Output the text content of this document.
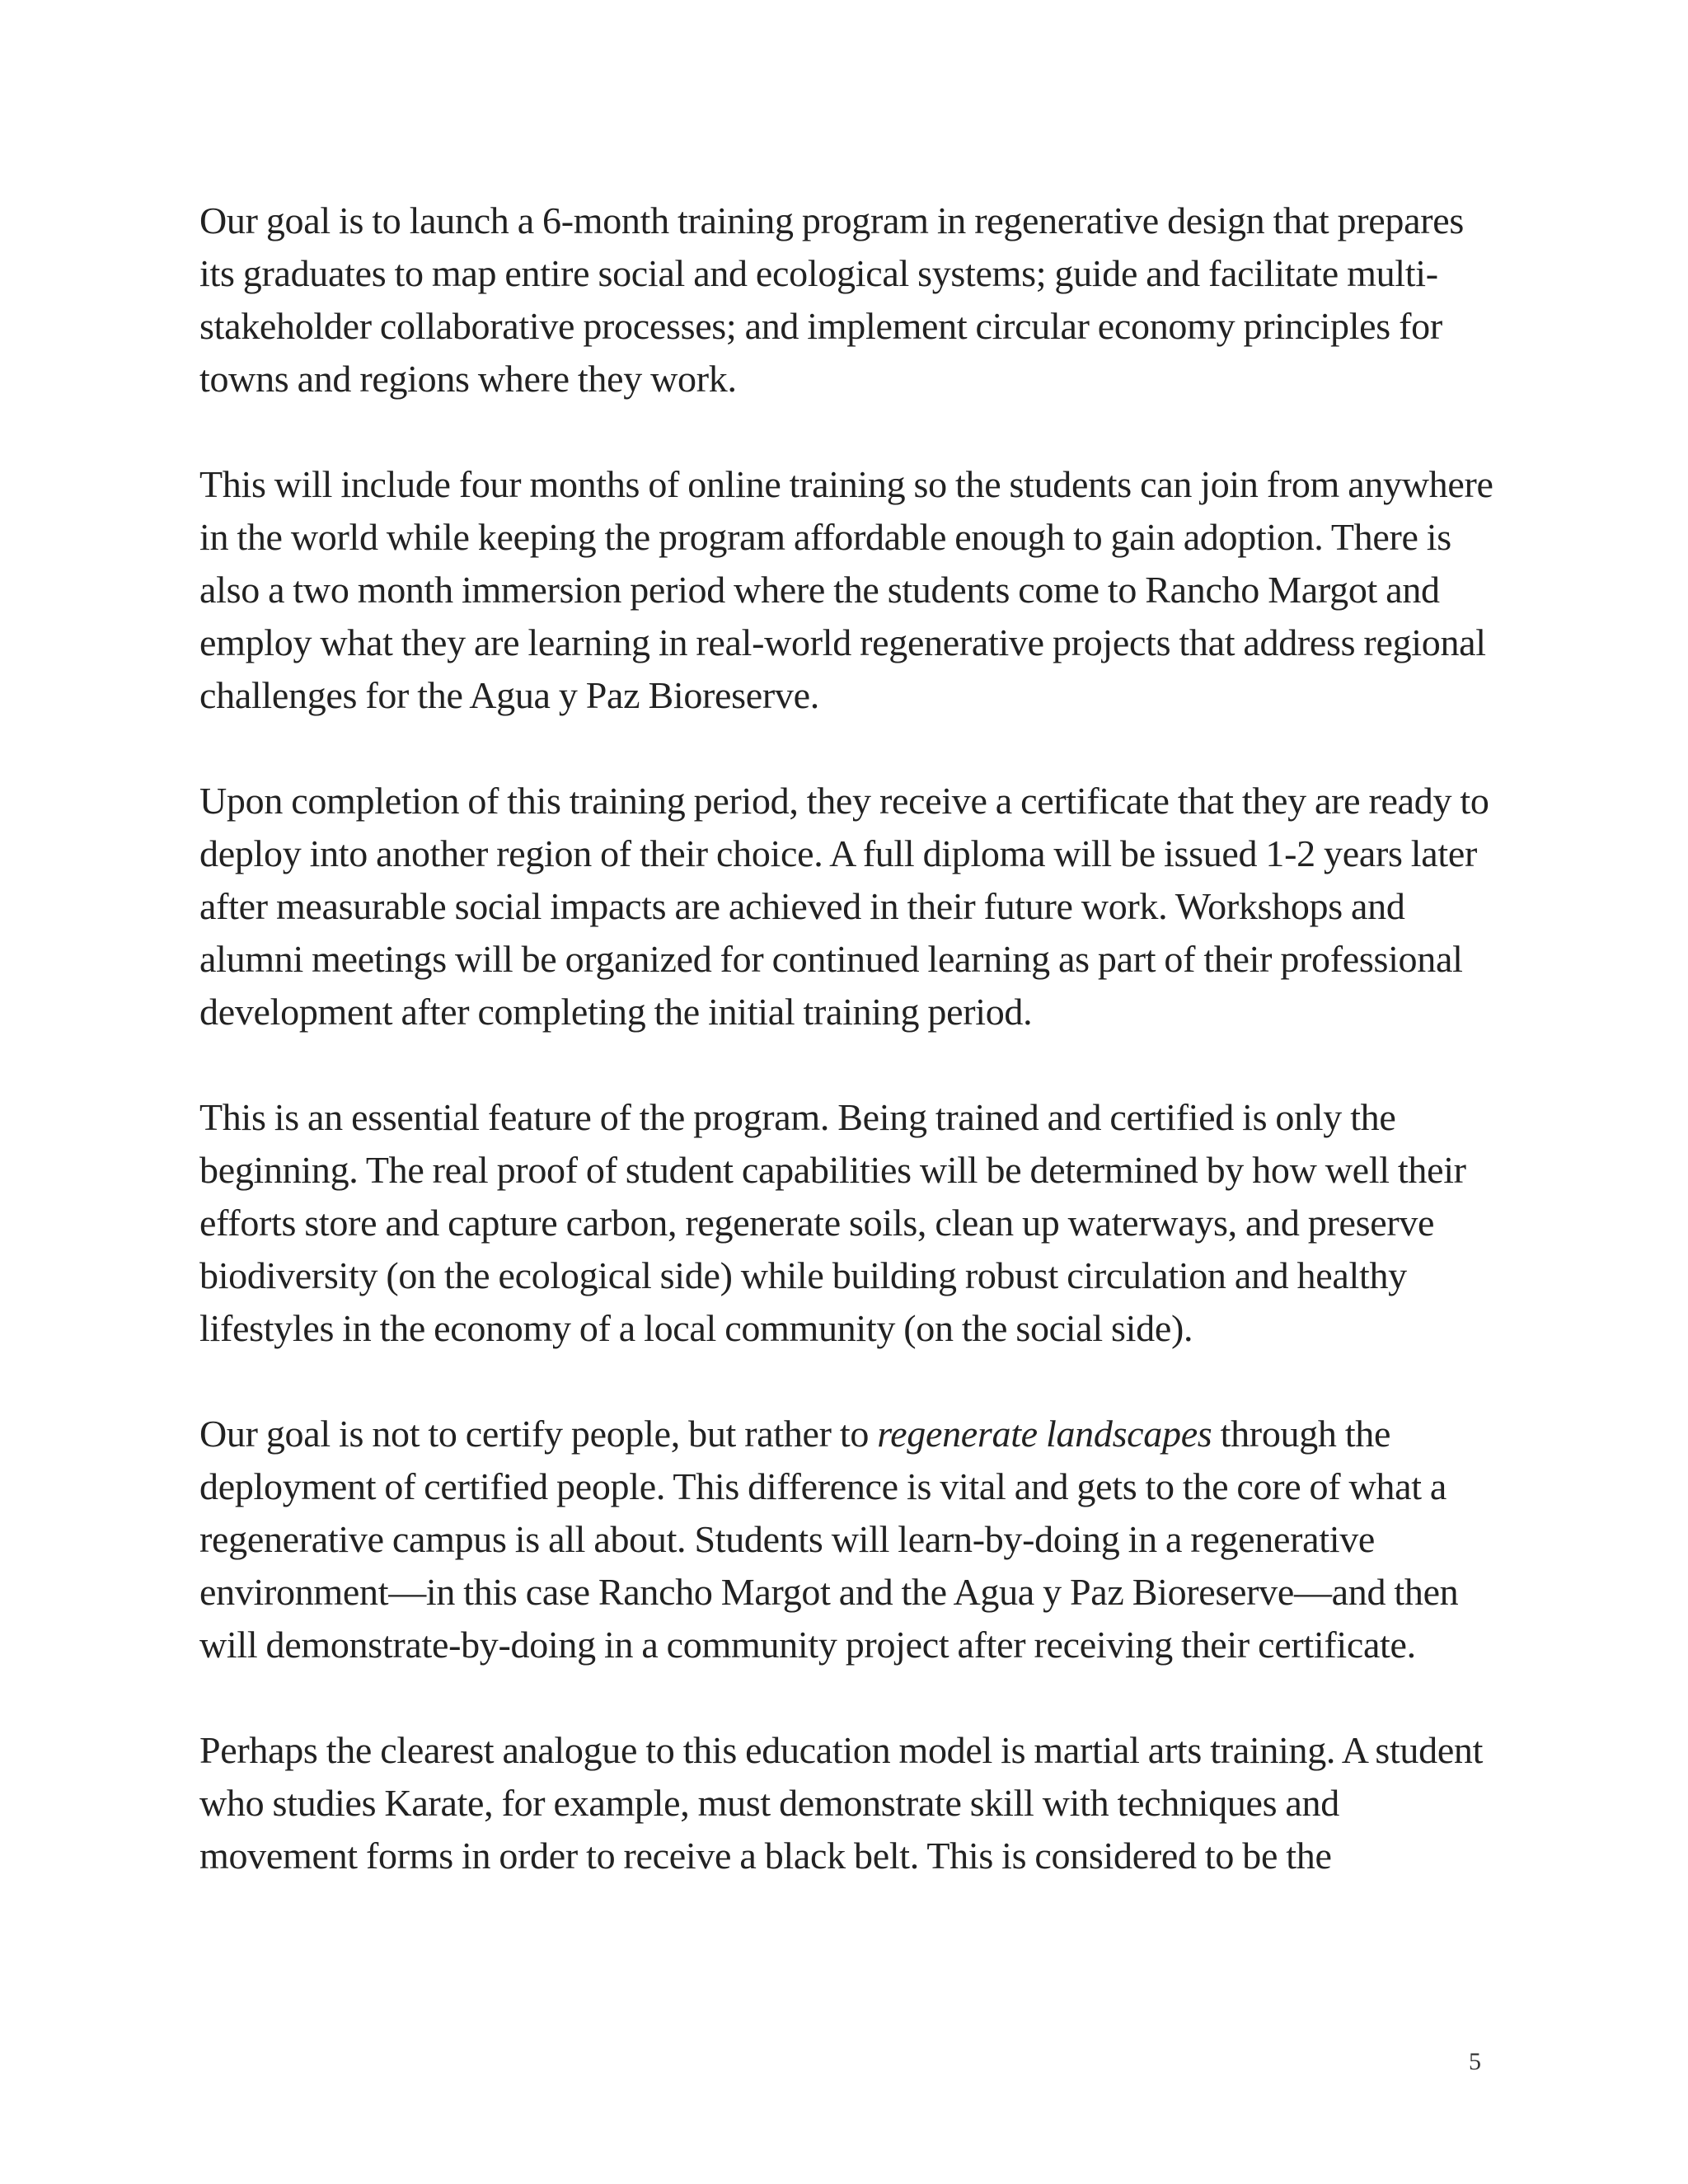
Our goal is to launch a 6-month training program in regenerative design that prepares its graduates to map entire social and ecological systems; guide and facilitate multi-stakeholder collaborative processes; and implement circular economy principles for towns and regions where they work.

This will include four months of online training so the students can join from anywhere in the world while keeping the program affordable enough to gain adoption. There is also a two month immersion period where the students come to Rancho Margot and employ what they are learning in real-world regenerative projects that address regional challenges for the Agua y Paz Bioreserve.

Upon completion of this training period, they receive a certificate that they are ready to deploy into another region of their choice. A full diploma will be issued 1-2 years later after measurable social impacts are achieved in their future work. Workshops and alumni meetings will be organized for continued learning as part of their professional development after completing the initial training period.

This is an essential feature of the program. Being trained and certified is only the beginning. The real proof of student capabilities will be determined by how well their efforts store and capture carbon, regenerate soils, clean up waterways, and preserve biodiversity (on the ecological side) while building robust circulation and healthy lifestyles in the economy of a local community (on the social side).

Our goal is not to certify people, but rather to regenerate landscapes through the deployment of certified people. This difference is vital and gets to the core of what a regenerative campus is all about. Students will learn-by-doing in a regenerative environment—in this case Rancho Margot and the Agua y Paz Bioreserve—and then will demonstrate-by-doing in a community project after receiving their certificate.

Perhaps the clearest analogue to this education model is martial arts training. A student who studies Karate, for example, must demonstrate skill with techniques and movement forms in order to receive a black belt. This is considered to be the

5
